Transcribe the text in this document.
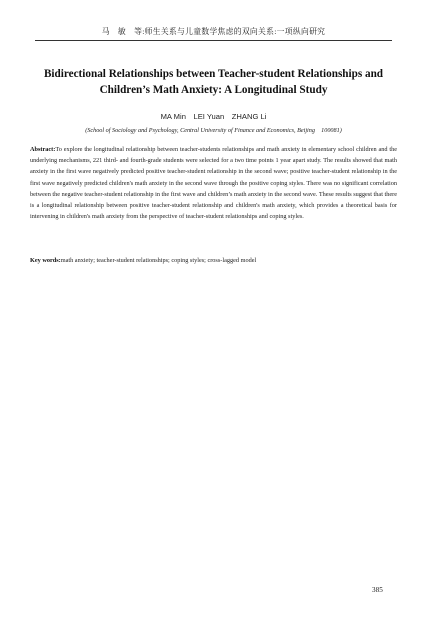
马　敏　等:师生关系与儿童数学焦虑的双向关系:一项纵向研究
Bidirectional Relationships between Teacher-student Relationships and Children’s Math Anxiety: A Longitudinal Study
MA Min　LEI Yuan　ZHANG Li
(School of Sociology and Psychology, Central University of Finance and Economics, Beijing　100081)
Abstract:To explore the longitudinal relationship between teacher-students relationships and math anxiety in elementary school children and the underlying mechanisms, 221 third- and fourth-grade students were selected for a two time points 1 year apart study. The results showed that math anxiety in the first wave negatively predicted positive teacher-student relationship in the second wave; positive teacher-student relationship in the first wave negatively predicted children's math anxiety in the second wave through the positive coping styles. There was no significant correlation between the negative teacher-student relationship in the first wave and children’s math anxiety in the second wave. These results suggest that there is a longitudinal relationship between positive teacher-student relationship and children's math anxiety, which provides a theoretical basis for intervening in children's math anxiety from the perspective of teacher-student relationships and coping styles.
Key words:math anxiety; teacher-student relationships; coping styles; cross-lagged model
385
